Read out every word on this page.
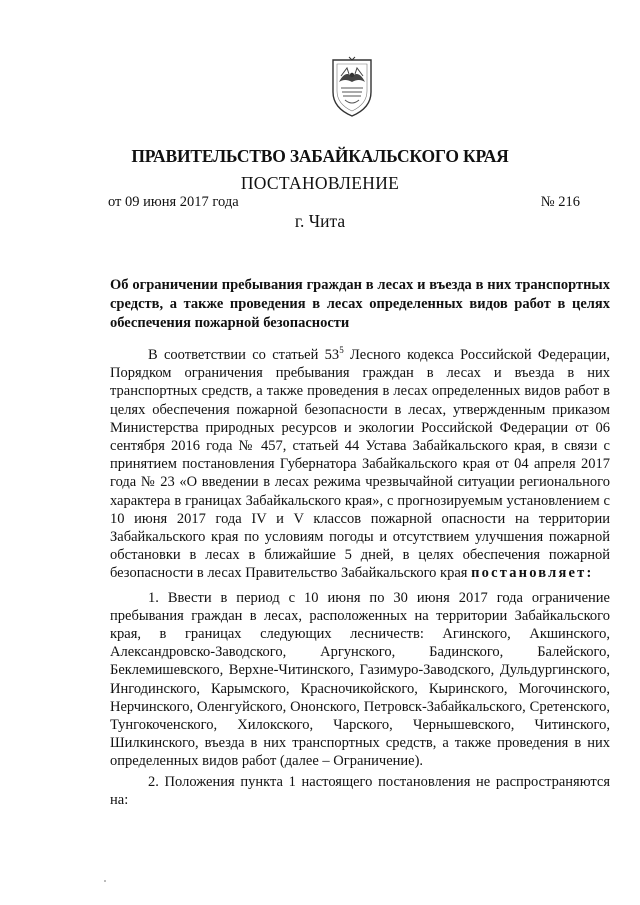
ПРАВИТЕЛЬСТВО ЗАБАЙКАЛЬСКОГО КРАЯ
ПОСТАНОВЛЕНИЕ
от 09 июня 2017 года	№ 216
г. Чита
Об ограничении пребывания граждан в лесах и въезда в них транспортных средств, а также проведения в лесах определенных видов работ в целях обеспечения пожарной безопасности

В соответствии со статьей $53^5$ Лесного кодекса Российской Федерации, Порядком ограничения пребывания граждан в лесах и въезда в них транспортных средств, а также проведения в лесах определенных видов работ в целях обеспечения пожарной безопасности в лесах, утвержденным приказом Министерства природных ресурсов и экологии Российской Федерации от 06 сентября 2016 года № 457, статьей 44 Устава Забайкальского края, в связи с принятием постановления Губернатора Забайкальского края от 04 апреля 2017 года № 23 «О введении в лесах режима чрезвычайной ситуации регионального характера в границах Забайкальского края», с прогнозируемым установлением с 10 июня 2017 года IV и V классов пожарной опасности на территории Забайкальского края по условиям погоды и отсутствием улучшения пожарной обстановки в лесах в ближайшие 5 дней, в целях обеспечения пожарной безопасности в лесах Правительство Забайкальского края постановляет:

1. Ввести в период с 10 июня по 30 июня 2017 года ограничение пребывания граждан в лесах, расположенных на территории Забайкальского края, в границах следующих лесничеств: Агинского, Акшинского, Александровско-Заводского, Аргунского, Бадинского, Балейского, Беклемишевского, Верхне-Читинского, Газимуро-Заводского, Дульдургинского, Ингодинского, Карымского, Красночикойского, Кыринского, Могочинского, Нерчинского, Оленгуйского, Ононского, Петровск-Забайкальского, Сретенского, Тунгокоченского, Хилокского, Чарского, Чернышевского, Читинского, Шилкинского, въезда в них транспортных средств, а также проведения в них определенных видов работ (далее – Ограничение).

2. Положения пункта 1 настоящего постановления не распространяются на:
